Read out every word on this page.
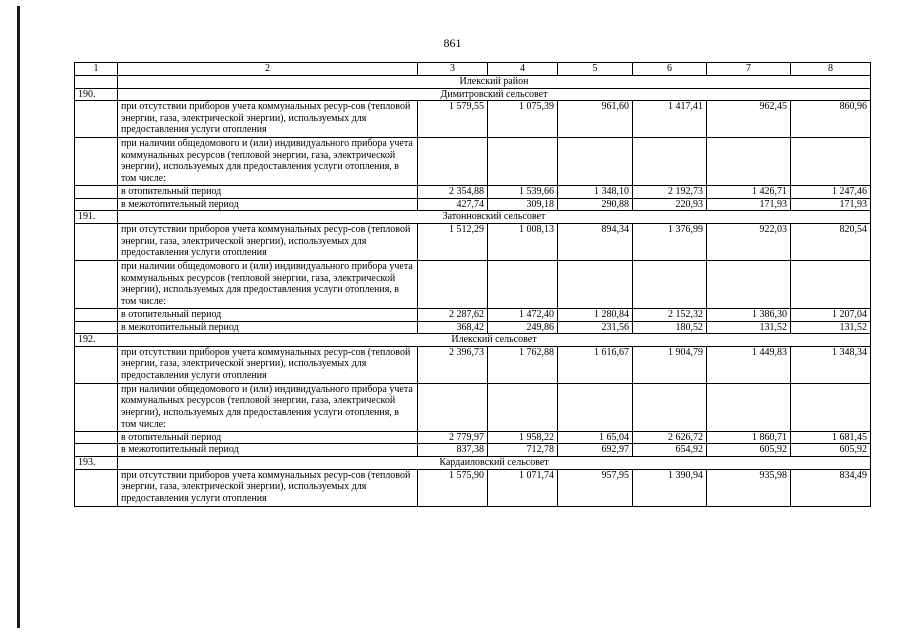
861
1	2	3	4	5	6	7	8
	Илекский район						
190.	Димитровский сельсовет						
	при отсутствии приборов учета коммунальных ресур-сов (тепловой энергии, газа, электрической энергии), используемых для предоставления услуги отопления	1 579,55	1 075,39	961,60	1 417,41	962,45	860,96
	при наличии общедомового и (или) индивидуального прибора учета коммунальных ресурсов (тепловой энергии, газа, электрической энергии), используемых для предоставления услуги отопления, в том числе:						
	в отопительный период	2 354,88	1 539,66	1 348,10	2 192,73	1 426,71	1 247,46
	в межотопительный период	427,74	309,18	290,88	220,93	171,93	171,93
191.	Затонновский сельсовет						
	при отсутствии приборов учета коммунальных ресур-сов (тепловой энергии, газа, электрической энергии), используемых для предоставления услуги отопления	1 512,29	1 008,13	894,34	1 376,99	922,03	820,54
	при наличии общедомового и (или) индивидуального прибора учета коммунальных ресурсов (тепловой энергии, газа, электрической энергии), используемых для предоставления услуги отопления, в том числе:						
	в отопительный период	2 287,62	1 472,40	1 280,84	2 152,32	1 386,30	1 207,04
	в межотопительный период	368,42	249,86	231,56	180,52	131,52	131,52
192.	Илекский сельсовет						
	при отсутствии приборов учета коммунальных ресур-сов (тепловой энергии, газа, электрической энергии), используемых для предоставления услуги отопления	2 396,73	1 762,88	1 616,67	1 904,79	1 449,83	1 348,34
	при наличии общедомового и (или) индивидуального прибора учета коммунальных ресурсов (тепловой энергии, газа, электрической энергии), используемых для предоставления услуги отопления, в том числе:						
	в отопительный период	2 779,97	1 958,22	1 65,04	2 626,72	1 860,71	1 681,45
	в межотопительный период	837,38	712,78	692,97	654,92	605,92	605,92
193.	Кардаиловский сельсовет						
	при отсутствии приборов учета коммунальных ресур-сов (тепловой энергии, газа, электрической энергии), используемых для предоставления услуги отопления	1 575,90	1 071,74	957,95	1 390,94	935,98	834,49
